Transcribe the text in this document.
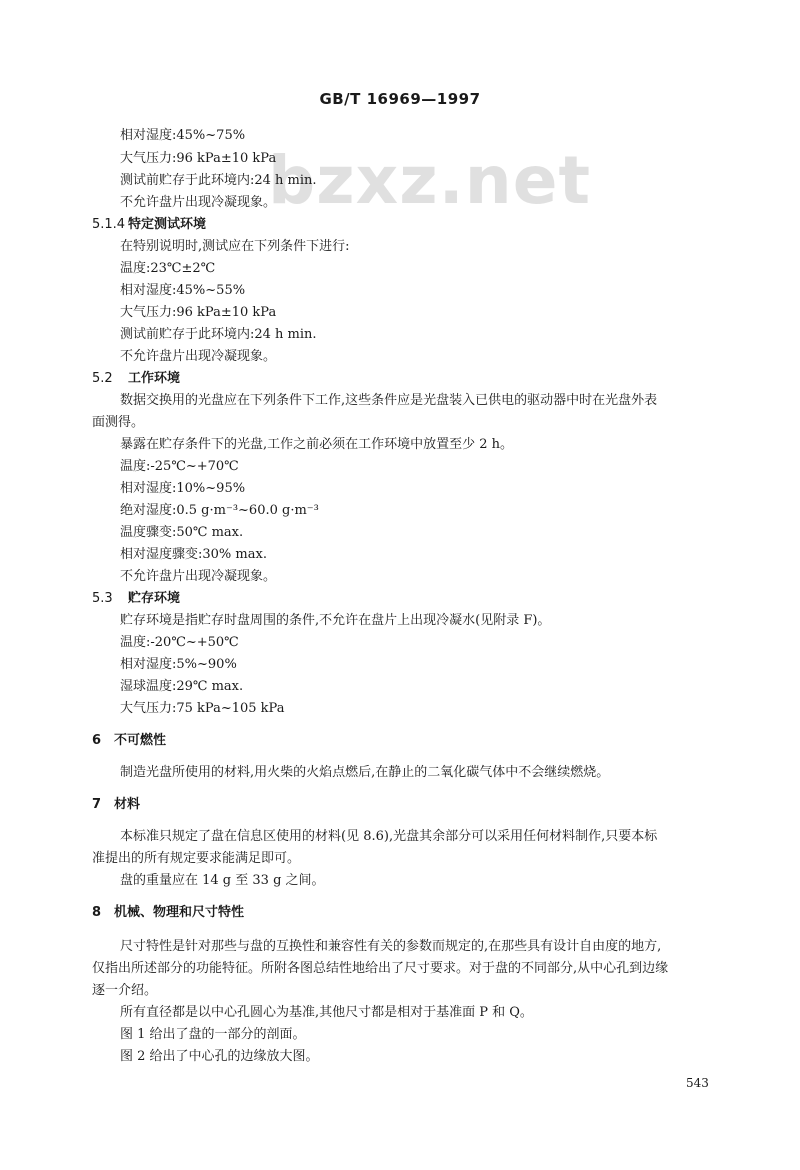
bzxz.net
GB/T 16969—1997
相对湿度:45%~75%
大气压力:96 kPa±10 kPa
测试前贮存于此环境内:24 h min.
不允许盘片出现冷凝现象。
5.1.4 特定测试环境
在特别说明时,测试应在下列条件下进行:
温度:23℃±2℃
相对湿度:45%~55%
大气压力:96 kPa±10 kPa
测试前贮存于此环境内:24 h min.
不允许盘片出现冷凝现象。
5.2 工作环境
数据交换用的光盘应在下列条件下工作,这些条件应是光盘装入已供电的驱动器中时在光盘外表
面测得。
暴露在贮存条件下的光盘,工作之前必须在工作环境中放置至少 2 h。
温度:-25℃~+70℃
相对湿度:10%~95%
绝对湿度:0.5 g·m⁻³~60.0 g·m⁻³
温度骤变:50℃ max.
相对湿度骤变:30% max.
不允许盘片出现冷凝现象。
5.3 贮存环境
贮存环境是指贮存时盘周围的条件,不允许在盘片上出现冷凝水(见附录 F)。
温度:-20℃~+50℃
相对湿度:5%~90%
湿球温度:29℃ max.
大气压力:75 kPa~105 kPa
6 不可燃性
制造光盘所使用的材料,用火柴的火焰点燃后,在静止的二氧化碳气体中不会继续燃烧。
7 材料
本标准只规定了盘在信息区使用的材料(见 8.6),光盘其余部分可以采用任何材料制作,只要本标
准提出的所有规定要求能满足即可。
盘的重量应在 14 g 至 33 g 之间。
8 机械、物理和尺寸特性
尺寸特性是针对那些与盘的互换性和兼容性有关的参数而规定的,在那些具有设计自由度的地方,
仅指出所述部分的功能特征。所附各图总结性地给出了尺寸要求。对于盘的不同部分,从中心孔到边缘
逐一介绍。
所有直径都是以中心孔圆心为基准,其他尺寸都是相对于基准面 P 和 Q。
图 1 给出了盘的一部分的剖面。
图 2 给出了中心孔的边缘放大图。
543
